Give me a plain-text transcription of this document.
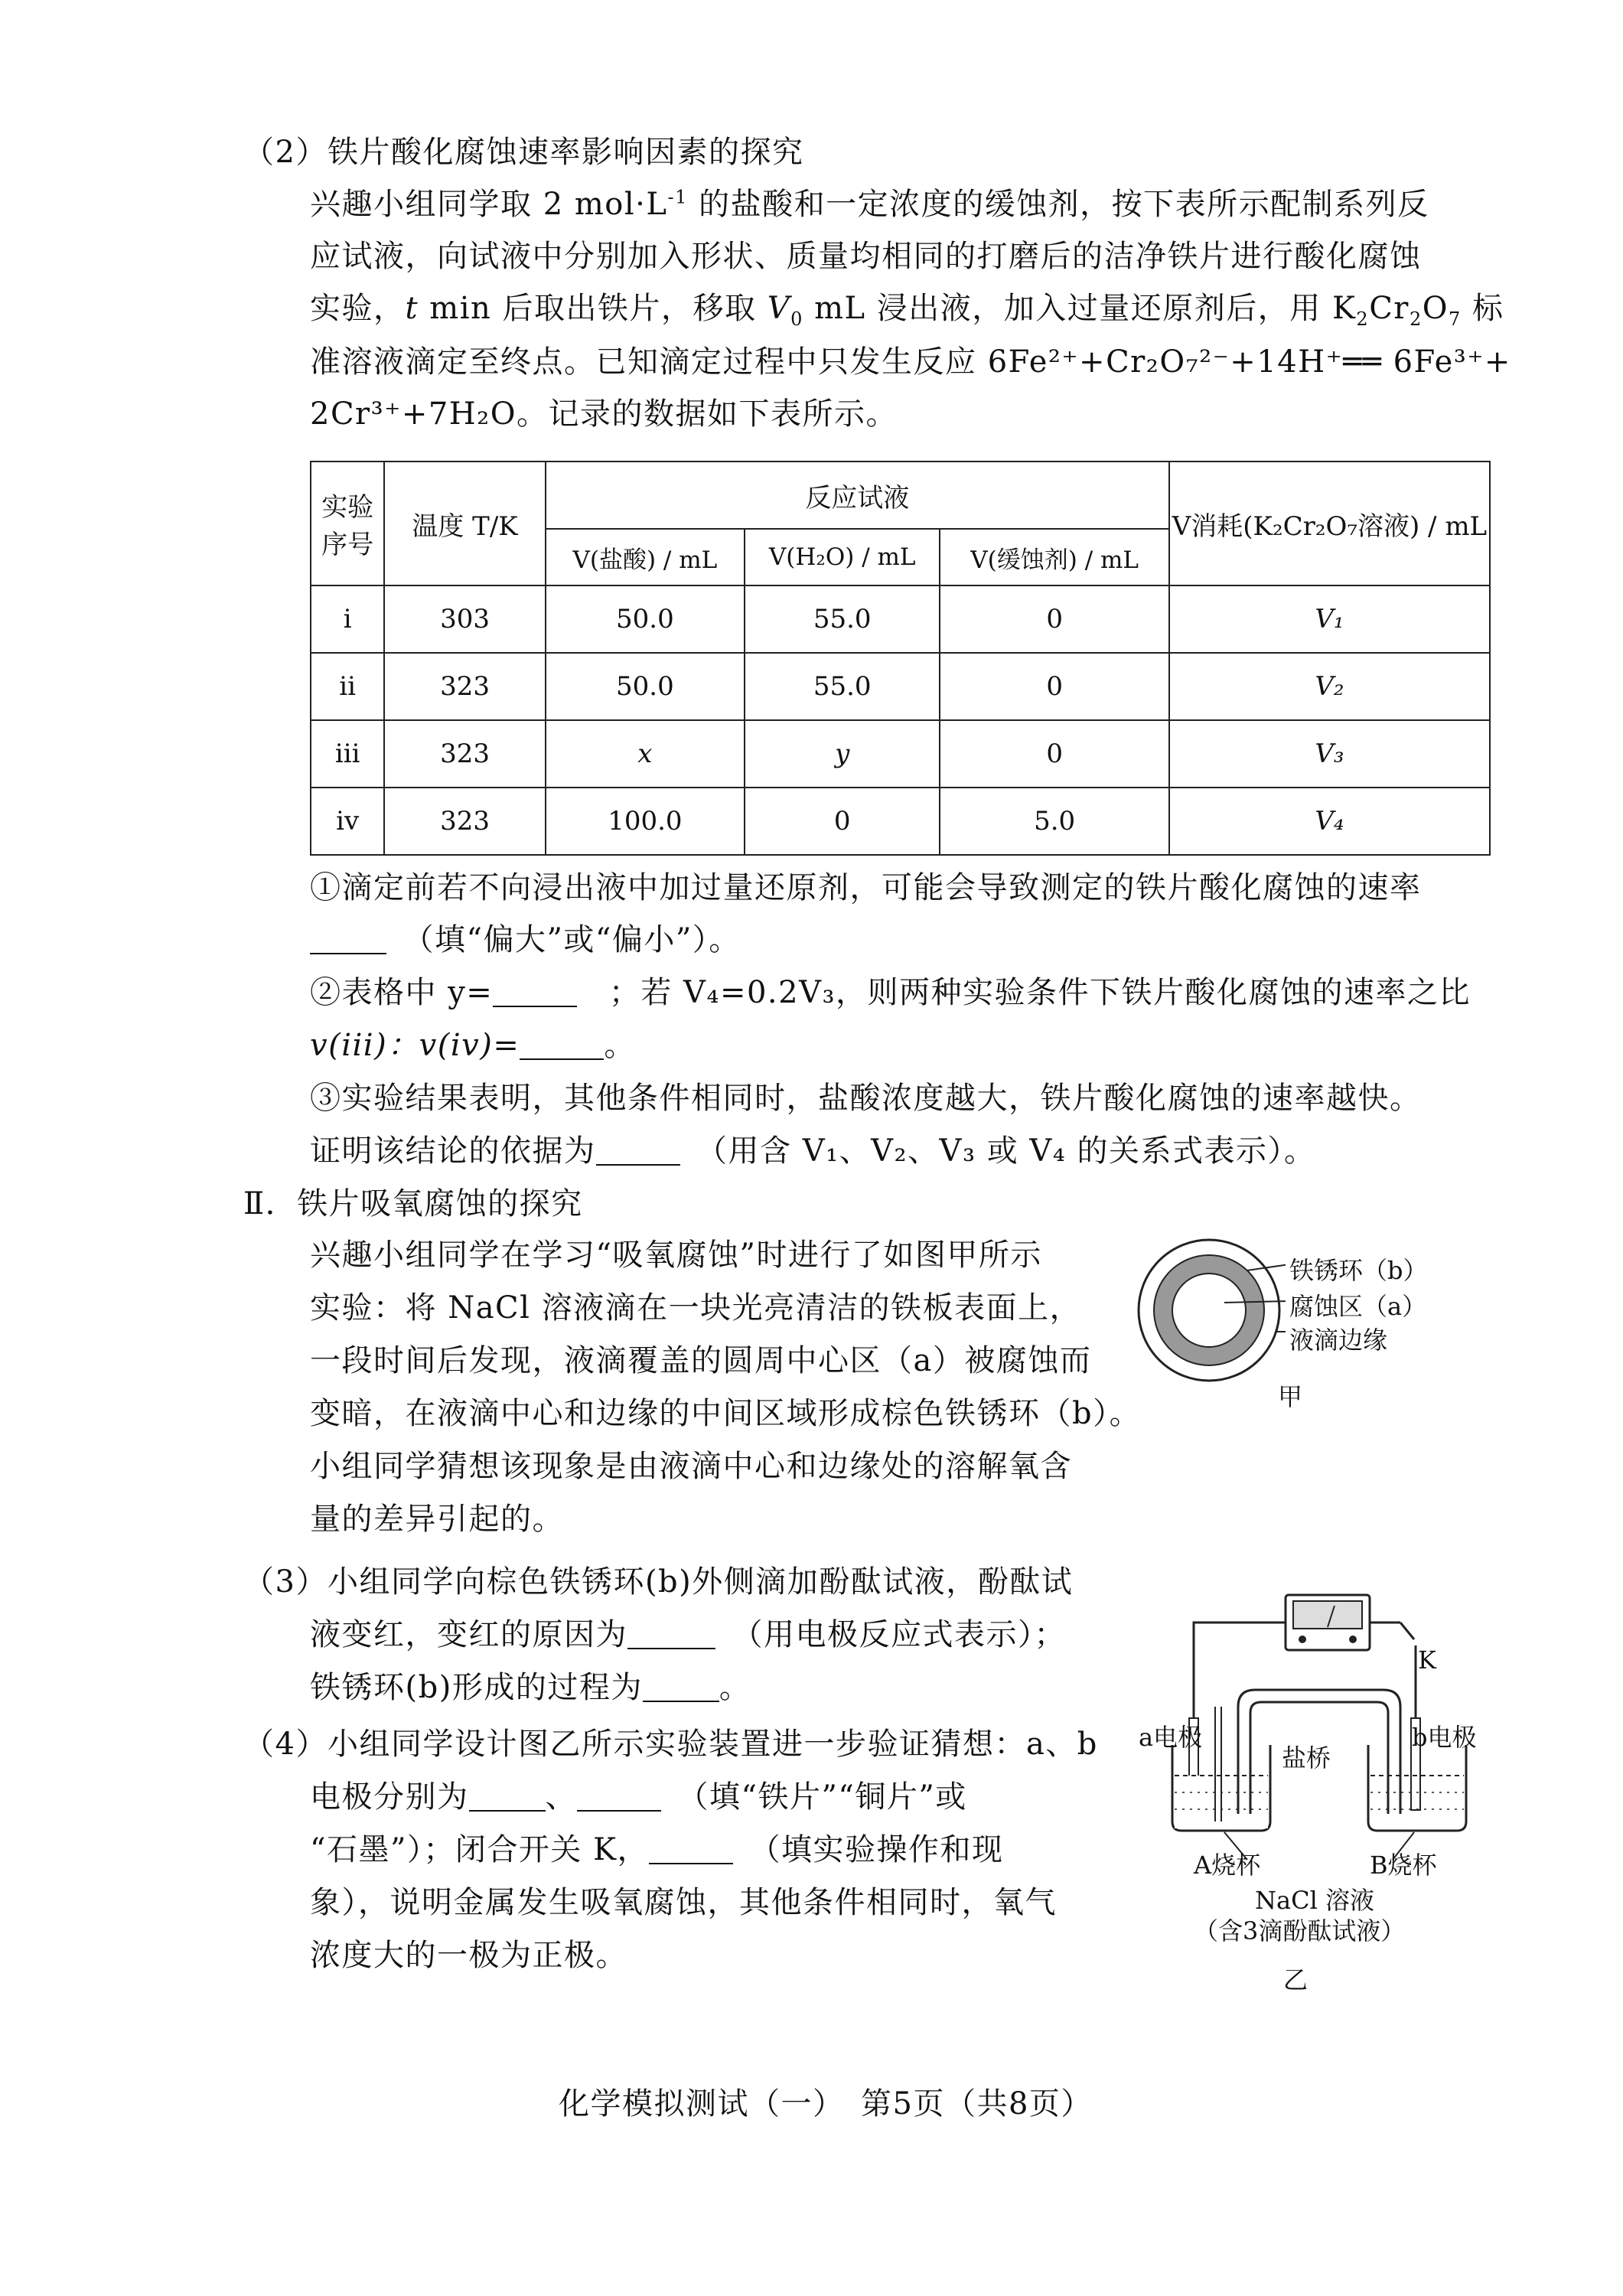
（2）铁片酸化腐蚀速率影响因素的探究
兴趣小组同学取 2 $mol\cdot L^{-1}$ 的盐酸和一定浓度的缓蚀剂，按下表所示配制系列反
应试液，向试液中分别加入形状、质量均相同的打磨后的洁净铁片进行酸化腐蚀
实验，t min 后取出铁片，移取 $V_0$ mL 浸出液，加入过量还原剂后，用 $K_2Cr_2O_7$ 标
准溶液滴定至终点。已知滴定过程中只发生反应 6Fe²⁺+Cr₂O₇²⁻+14H⁺══ 6Fe³⁺+
2Cr³⁺+7H₂O。记录的数据如下表所示。
实验序号	温度 T/K	反应试液			V消耗(K₂Cr₂O₇溶液) / mL
		V(盐酸) / mL	V(H₂O) / mL	V(缓蚀剂) / mL	
i	303	50.0	55.0	0	V₁
ii	323	50.0	55.0	0	V₂
iii	323	x	y	0	V₃
iv	323	100.0	0	5.0	V₄
①滴定前若不向浸出液中加过量还原剂，可能会导致测定的铁片酸化腐蚀的速率
　（填“偏大”或“偏小”）。
②表格中 y=　	；若 V₄=0.2V₃，则两种实验条件下铁片酸化腐蚀的速率之比
v(iii)：v(iv)=	。
③实验结果表明，其他条件相同时，盐酸浓度越大，铁片酸化腐蚀的速率越快。
证明该结论的依据为　	（用含 V₁、V₂、V₃ 或 V₄ 的关系式表示）。
Ⅱ．铁片吸氧腐蚀的探究
兴趣小组同学在学习“吸氧腐蚀”时进行了如图甲所示
实验：将 NaCl 溶液滴在一块光亮清洁的铁板表面上，
一段时间后发现，液滴覆盖的圆周中心区（a）被腐蚀而
变暗，在液滴中心和边缘的中间区域形成棕色铁锈环（b）。
小组同学猜想该现象是由液滴中心和边缘处的溶解氧含
量的差异引起的。
铁锈环（b）
腐蚀区（a）
液滴边缘
甲
（3）小组同学向棕色铁锈环(b)外侧滴加酚酞试液，酚酞试
液变红，变红的原因为　	（用电极反应式表示）；
铁锈环(b)形成的过程为	。
（4）小组同学设计图乙所示实验装置进一步验证猜想：a、b
电极分别为	、　	（填“铁片”“铜片”或
“石墨”）；闭合开关 K，　	（填实验操作和现
象），说明金属发生吸氧腐蚀，其他条件相同时，氧气
浓度大的一极为正极。
K
a电极	b电极
盐桥
A烧杯	B烧杯
NaCl 溶液
（含3滴酚酞试液）
乙
化学模拟测试（一）　第5页（共8页）
